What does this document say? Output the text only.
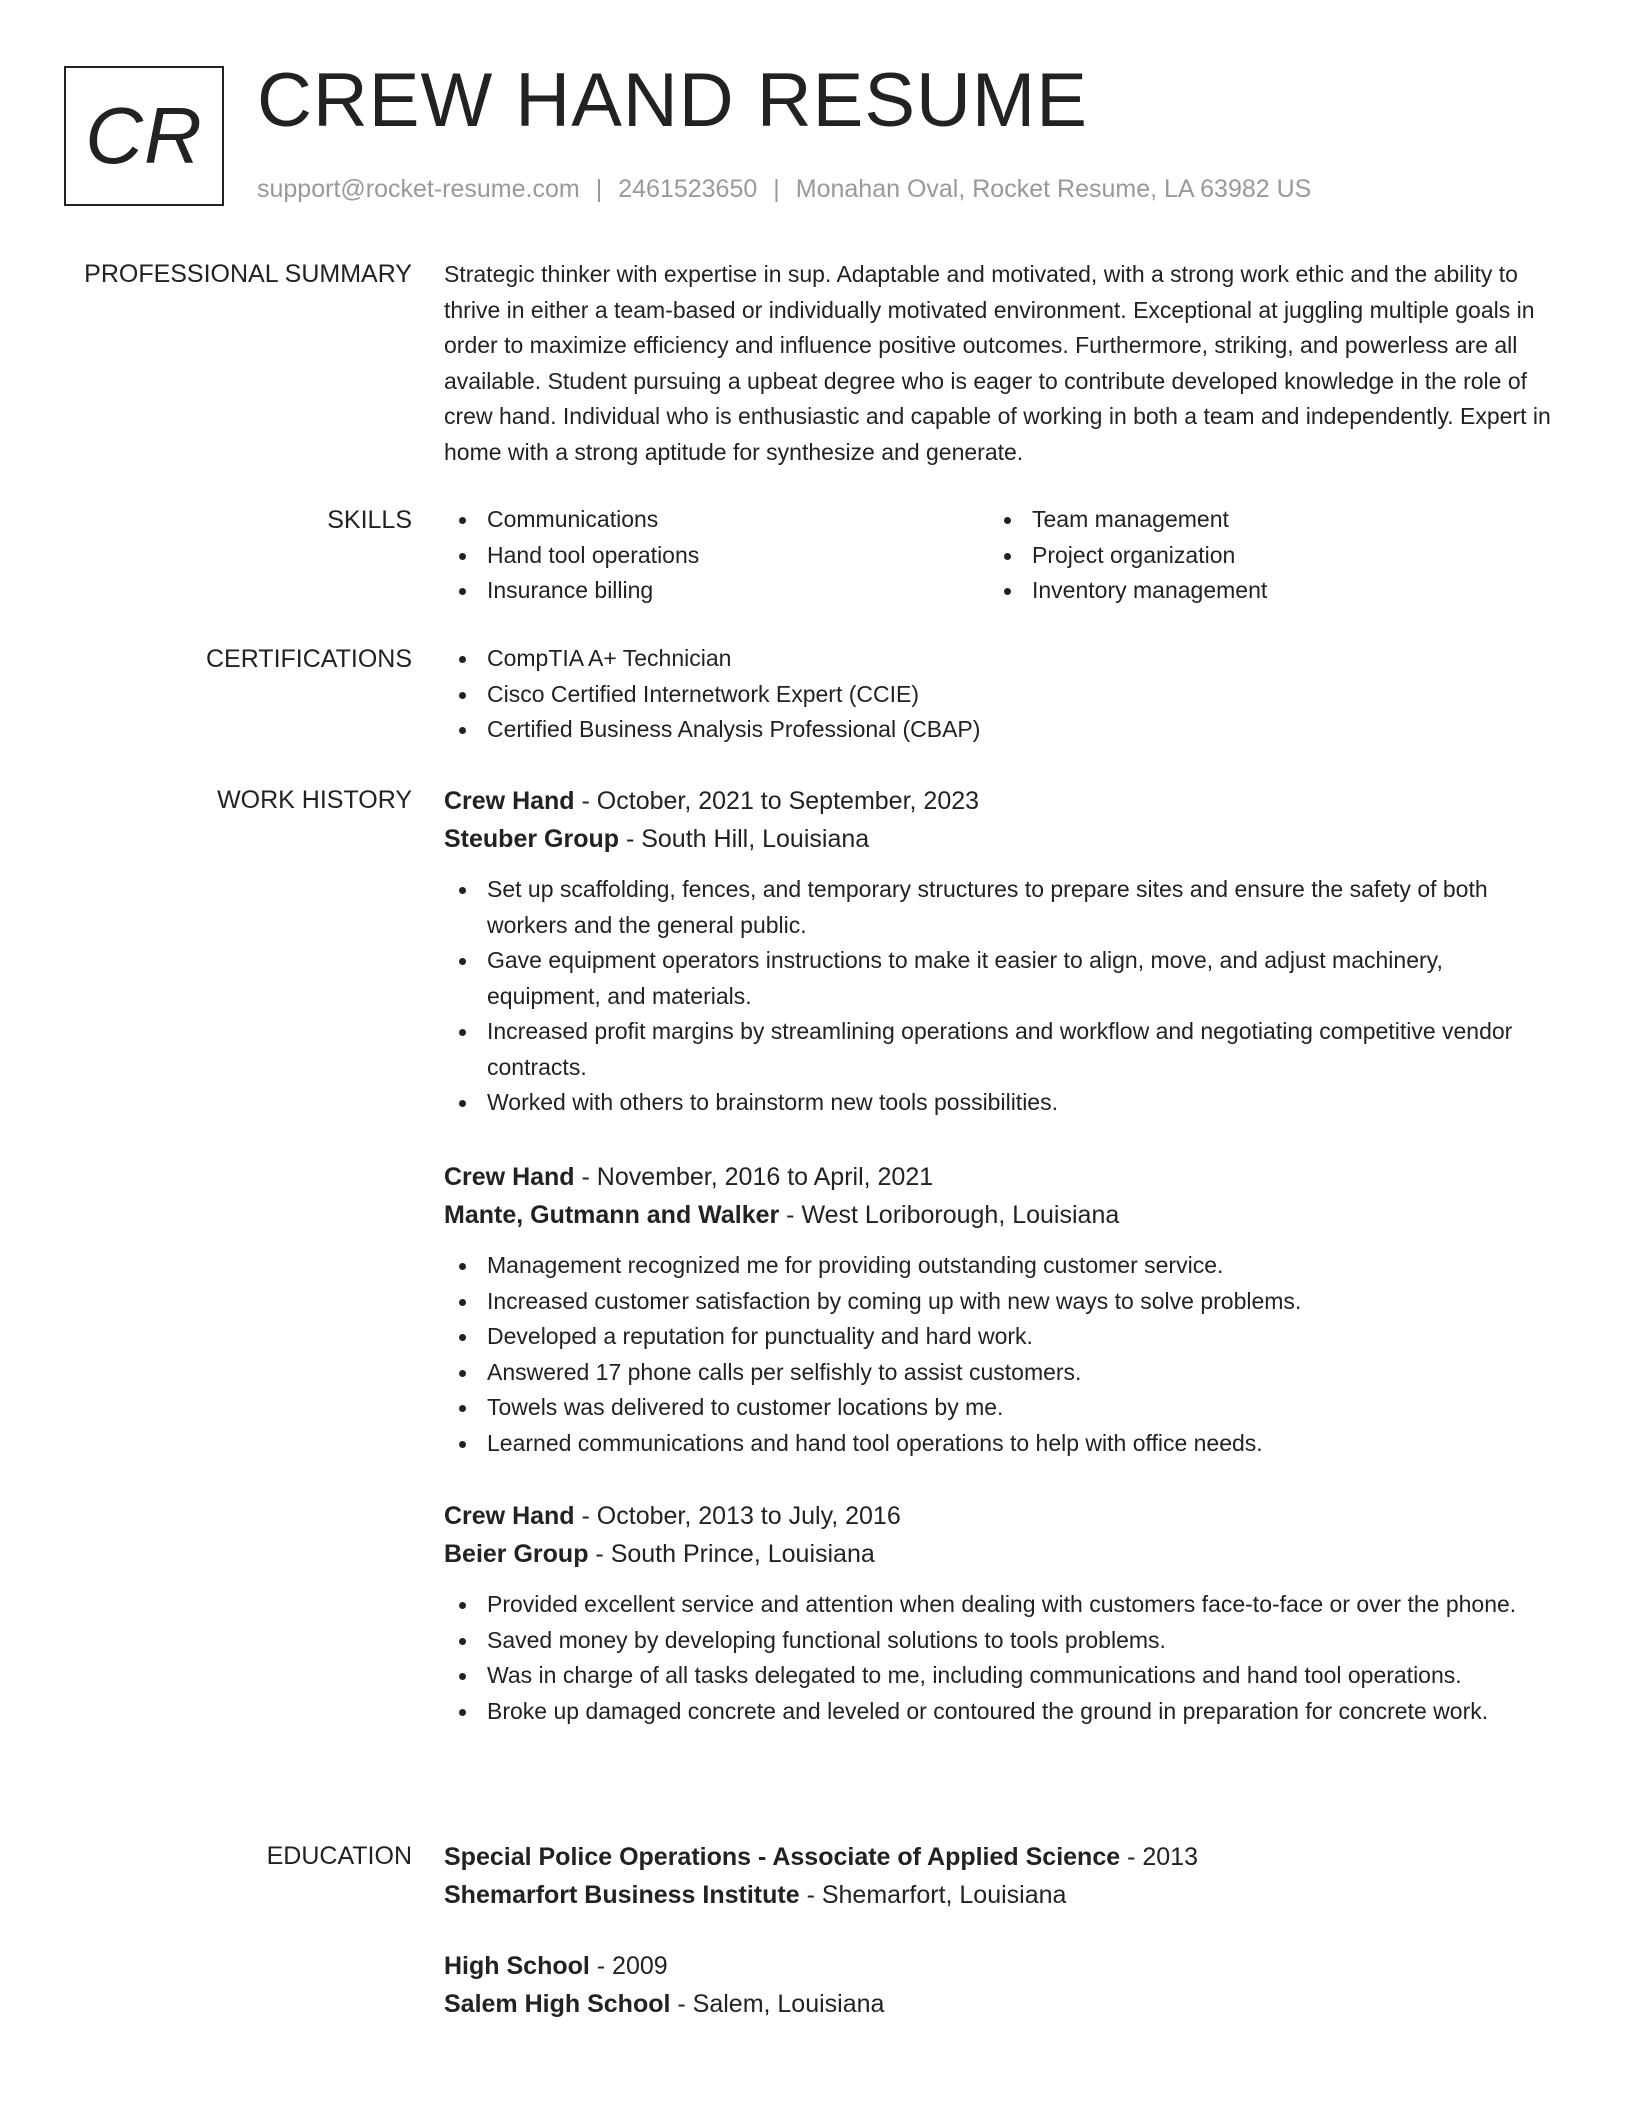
CR CREW HAND RESUME
support@rocket-resume.com | 2461523650 | Monahan Oval, Rocket Resume, LA 63982 US
PROFESSIONAL SUMMARY Strategic thinker with expertise in sup. Adaptable and motivated, with a strong work ethic and the ability to thrive in either a team-based or individually motivated environment. Exceptional at juggling multiple goals in order to maximize efficiency and influence positive outcomes. Furthermore, striking, and powerless are all available. Student pursuing a upbeat degree who is eager to contribute developed knowledge in the role of crew hand. Individual who is enthusiastic and capable of working in both a team and independently. Expert in home with a strong aptitude for synthesize and generate.

SKILLS	Communications
Hand tool operations
Insurance billing
Team management
Project organization
Inventory management
CERTIFICATIONS	CompTIA A+ Technician
Cisco Certified Internetwork Expert (CCIE)
Certified Business Analysis Professional (CBAP)
WORK HISTORY Crew Hand - October, 2021 to September, 2023
Steuber Group - South Hill, Louisiana
Set up scaffolding, fences, and temporary structures to prepare sites and ensure the safety of both workers and the general public.
Gave equipment operators instructions to make it easier to align, move, and adjust machinery, equipment, and materials.
Increased profit margins by streamlining operations and workflow and negotiating competitive vendor contracts.
Worked with others to brainstorm new tools possibilities.
Crew Hand - November, 2016 to April, 2021
Mante, Gutmann and Walker - West Loriborough, Louisiana
Management recognized me for providing outstanding customer service.
Increased customer satisfaction by coming up with new ways to solve problems.
Developed a reputation for punctuality and hard work.
Answered 17 phone calls per selfishly to assist customers.
Towels was delivered to customer locations by me.
Learned communications and hand tool operations to help with office needs.
Crew Hand - October, 2013 to July, 2016
Beier Group - South Prince, Louisiana
Provided excellent service and attention when dealing with customers face-to-face or over the phone.
Saved money by developing functional solutions to tools problems.
Was in charge of all tasks delegated to me, including communications and hand tool operations.
Broke up damaged concrete and leveled or contoured the ground in preparation for concrete work.
EDUCATION Special Police Operations - Associate of Applied Science - 2013
Shemarfort Business Institute - Shemarfort, Louisiana
High School - 2009
Salem High School - Salem, Louisiana
